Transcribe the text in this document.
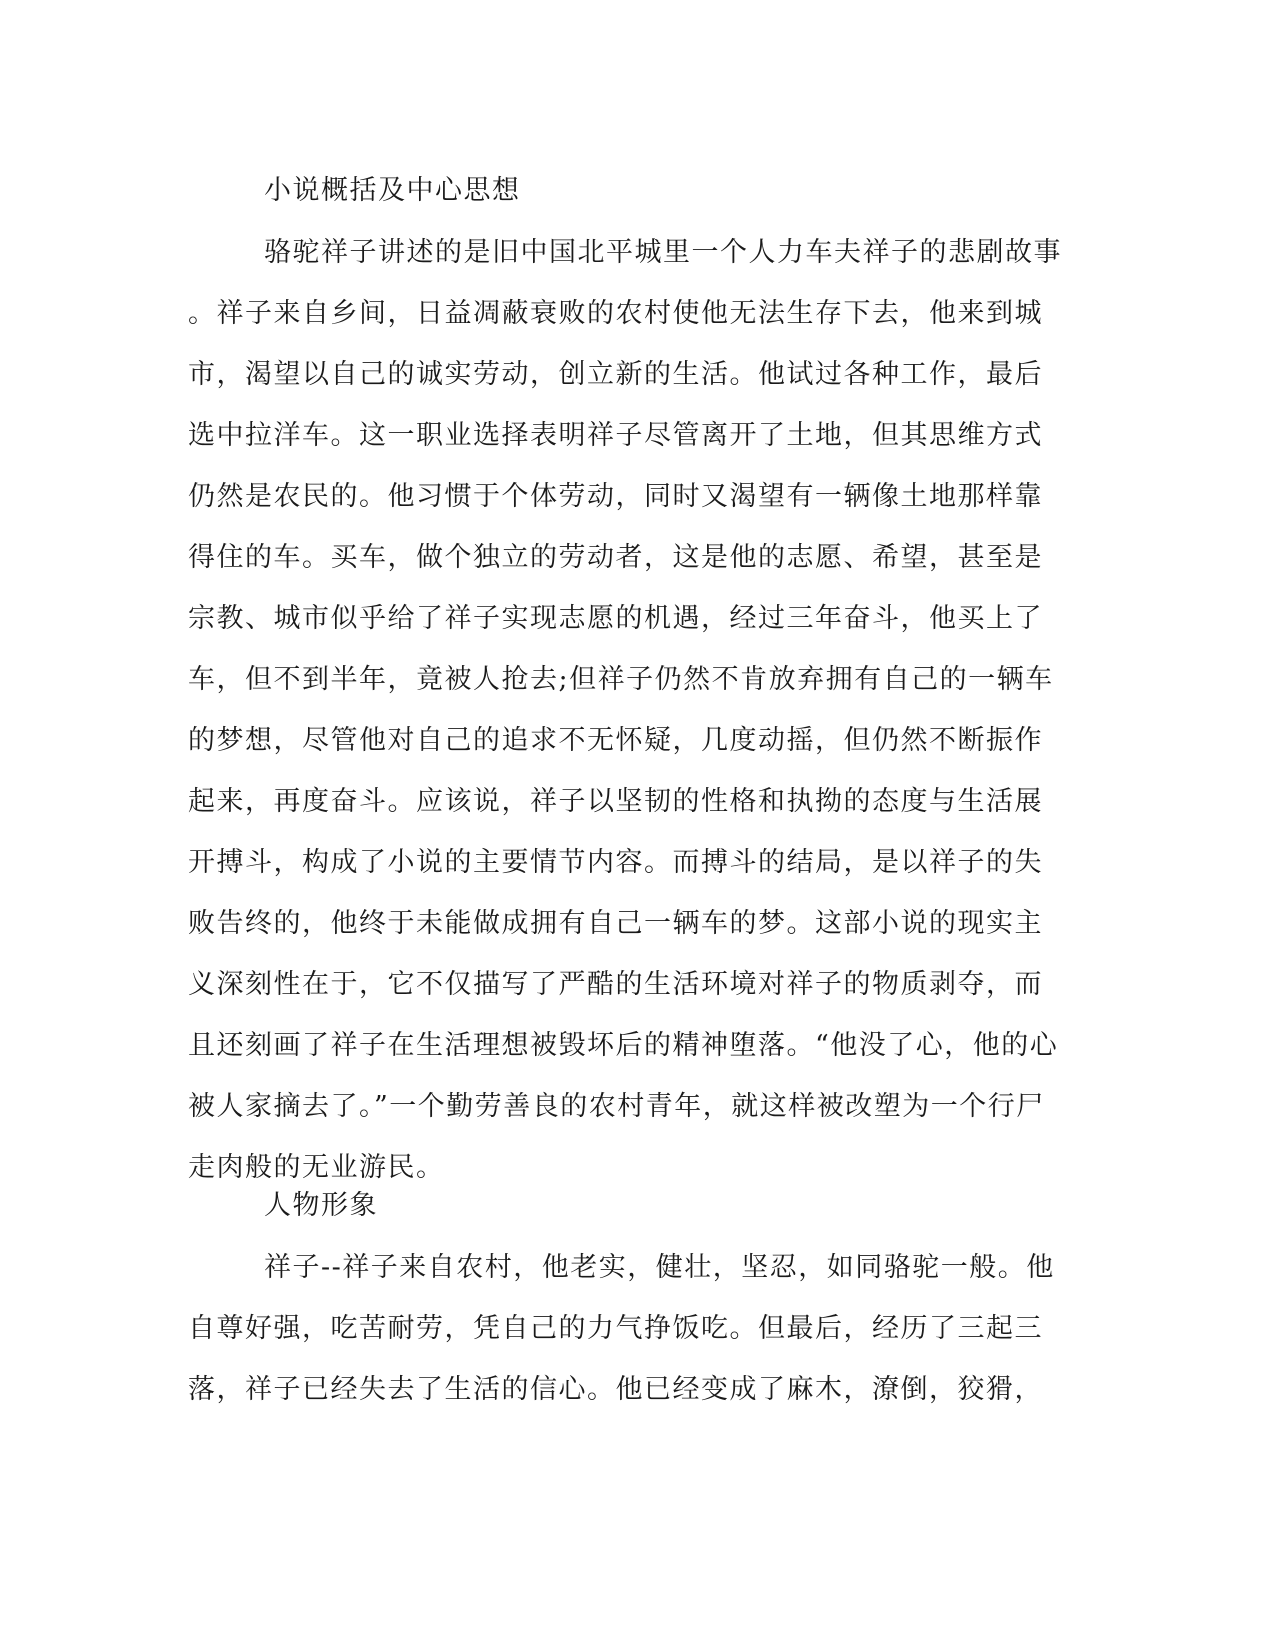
小说概括及中心思想
骆驼祥子讲述的是旧中国北平城里一个人力车夫祥子的悲剧故事
。祥子来自乡间，日益凋蔽衰败的农村使他无法生存下去，他来到城
市，渴望以自己的诚实劳动，创立新的生活。他试过各种工作，最后
选中拉洋车。这一职业选择表明祥子尽管离开了土地，但其思维方式
仍然是农民的。他习惯于个体劳动，同时又渴望有一辆像土地那样靠
得住的车。买车，做个独立的劳动者，这是他的志愿、希望，甚至是
宗教、城市似乎给了祥子实现志愿的机遇，经过三年奋斗，他买上了
车，但不到半年，竟被人抢去;但祥子仍然不肯放弃拥有自己的一辆车
的梦想，尽管他对自己的追求不无怀疑，几度动摇，但仍然不断振作
起来，再度奋斗。应该说，祥子以坚韧的性格和执拗的态度与生活展
开搏斗，构成了小说的主要情节内容。而搏斗的结局，是以祥子的失
败告终的，他终于未能做成拥有自己一辆车的梦。这部小说的现实主
义深刻性在于，它不仅描写了严酷的生活环境对祥子的物质剥夺，而
且还刻画了祥子在生活理想被毁坏后的精神堕落。“他没了心，他的心
被人家摘去了。”一个勤劳善良的农村青年，就这样被改塑为一个行尸
走肉般的无业游民。
人物形象
祥子--祥子来自农村，他老实，健壮，坚忍，如同骆驼一般。他
自尊好强，吃苦耐劳，凭自己的力气挣饭吃。但最后，经历了三起三
落，祥子已经失去了生活的信心。他已经变成了麻木，潦倒，狡猾，
